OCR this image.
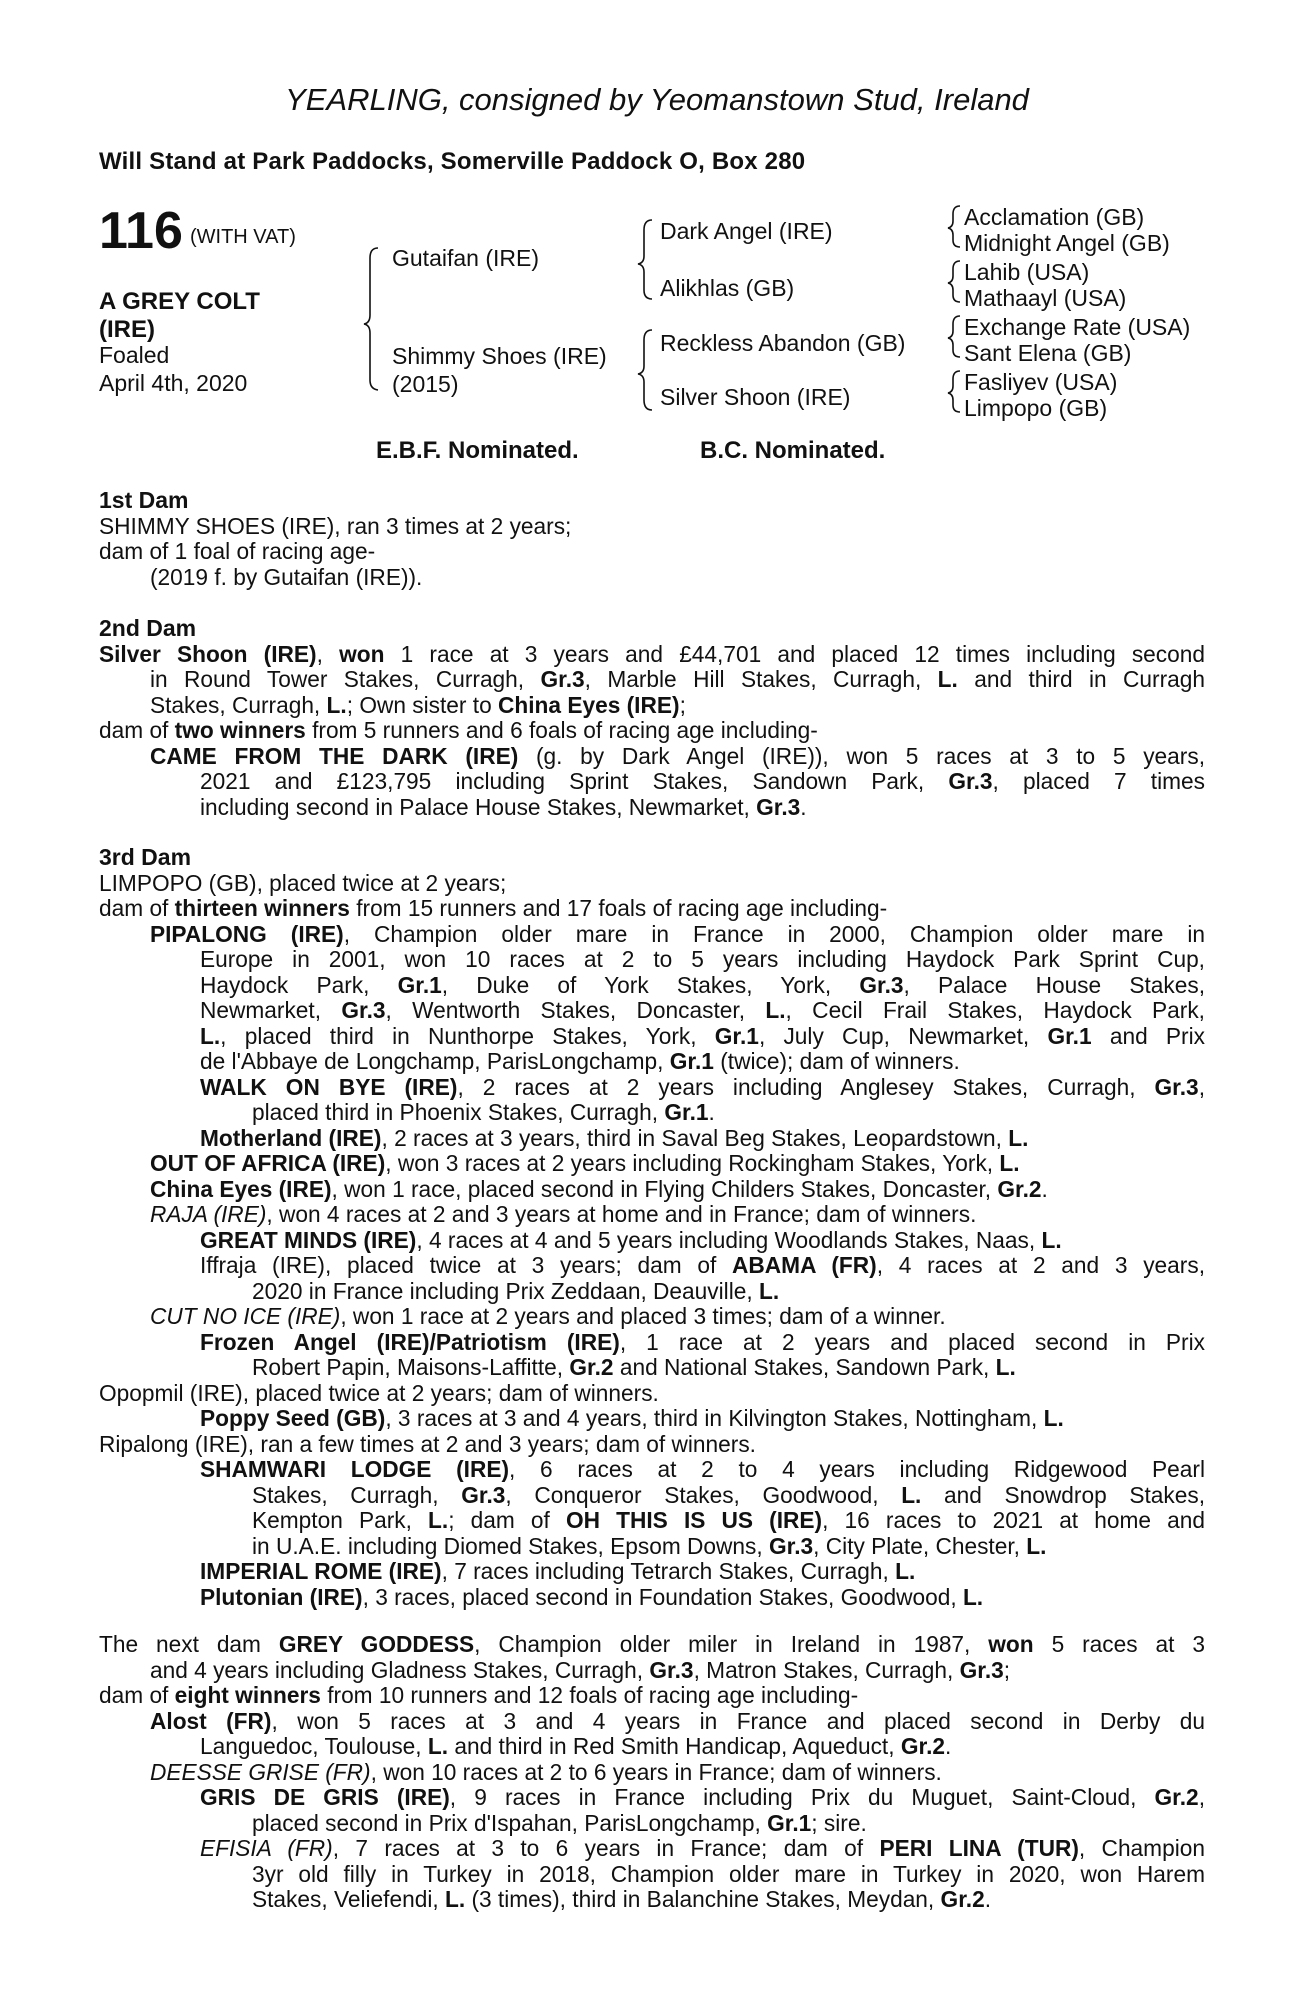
YEARLING, consigned by Yeomanstown Stud, Ireland
Will Stand at Park Paddocks, Somerville Paddock O, Box 280
116 (WITH VAT)
A GREY COLT
(IRE)
Foaled
April 4th, 2020
Gutaifan (IRE)
Shimmy Shoes (IRE)
(2015)
Dark Angel (IRE)
Alikhlas (GB)
Reckless Abandon (GB)
Silver Shoon (IRE)
Acclamation (GB)
Midnight Angel (GB)
Lahib (USA)
Mathaayl (USA)
Exchange Rate (USA)
Sant Elena (GB)
Fasliyev (USA)
Limpopo (GB)
E.B.F. Nominated.	B.C. Nominated.
1st Dam
SHIMMY SHOES (IRE), ran 3 times at 2 years;
dam of 1 foal of racing age-
(2019 f. by Gutaifan (IRE)).
2nd Dam
Silver Shoon (IRE), won 1 race at 3 years and £44,701 and placed 12 times including second
in Round Tower Stakes, Curragh, Gr.3, Marble Hill Stakes, Curragh, L. and third in Curragh
Stakes, Curragh, L.; Own sister to China Eyes (IRE);
dam of two winners from 5 runners and 6 foals of racing age including-
CAME FROM THE DARK (IRE) (g. by Dark Angel (IRE)), won 5 races at 3 to 5 years,
2021 and £123,795 including Sprint Stakes, Sandown Park, Gr.3, placed 7 times
including second in Palace House Stakes, Newmarket, Gr.3.
3rd Dam
LIMPOPO (GB), placed twice at 2 years;
dam of thirteen winners from 15 runners and 17 foals of racing age including-
PIPALONG (IRE), Champion older mare in France in 2000, Champion older mare in
Europe in 2001, won 10 races at 2 to 5 years including Haydock Park Sprint Cup,
Haydock Park, Gr.1, Duke of York Stakes, York, Gr.3, Palace House Stakes,
Newmarket, Gr.3, Wentworth Stakes, Doncaster, L., Cecil Frail Stakes, Haydock Park,
L., placed third in Nunthorpe Stakes, York, Gr.1, July Cup, Newmarket, Gr.1 and Prix
de l'Abbaye de Longchamp, ParisLongchamp, Gr.1 (twice); dam of winners.
WALK ON BYE (IRE), 2 races at 2 years including Anglesey Stakes, Curragh, Gr.3,
placed third in Phoenix Stakes, Curragh, Gr.1.
Motherland (IRE), 2 races at 3 years, third in Saval Beg Stakes, Leopardstown, L.
OUT OF AFRICA (IRE), won 3 races at 2 years including Rockingham Stakes, York, L.
China Eyes (IRE), won 1 race, placed second in Flying Childers Stakes, Doncaster, Gr.2.
RAJA (IRE), won 4 races at 2 and 3 years at home and in France; dam of winners.
GREAT MINDS (IRE), 4 races at 4 and 5 years including Woodlands Stakes, Naas, L.
Iffraja (IRE), placed twice at 3 years; dam of ABAMA (FR), 4 races at 2 and 3 years,
2020 in France including Prix Zeddaan, Deauville, L.
CUT NO ICE (IRE), won 1 race at 2 years and placed 3 times; dam of a winner.
Frozen Angel (IRE)/Patriotism (IRE), 1 race at 2 years and placed second in Prix
Robert Papin, Maisons-Laffitte, Gr.2 and National Stakes, Sandown Park, L.
Opopmil (IRE), placed twice at 2 years; dam of winners.
Poppy Seed (GB), 3 races at 3 and 4 years, third in Kilvington Stakes, Nottingham, L.
Ripalong (IRE), ran a few times at 2 and 3 years; dam of winners.
SHAMWARI LODGE (IRE), 6 races at 2 to 4 years including Ridgewood Pearl
Stakes, Curragh, Gr.3, Conqueror Stakes, Goodwood, L. and Snowdrop Stakes,
Kempton Park, L.; dam of OH THIS IS US (IRE), 16 races to 2021 at home and
in U.A.E. including Diomed Stakes, Epsom Downs, Gr.3, City Plate, Chester, L.
IMPERIAL ROME (IRE), 7 races including Tetrarch Stakes, Curragh, L.
Plutonian (IRE), 3 races, placed second in Foundation Stakes, Goodwood, L.
The next dam GREY GODDESS, Champion older miler in Ireland in 1987, won 5 races at 3
and 4 years including Gladness Stakes, Curragh, Gr.3, Matron Stakes, Curragh, Gr.3;
dam of eight winners from 10 runners and 12 foals of racing age including-
Alost (FR), won 5 races at 3 and 4 years in France and placed second in Derby du
Languedoc, Toulouse, L. and third in Red Smith Handicap, Aqueduct, Gr.2.
DEESSE GRISE (FR), won 10 races at 2 to 6 years in France; dam of winners.
GRIS DE GRIS (IRE), 9 races in France including Prix du Muguet, Saint-Cloud, Gr.2,
placed second in Prix d'Ispahan, ParisLongchamp, Gr.1; sire.
EFISIA (FR), 7 races at 3 to 6 years in France; dam of PERI LINA (TUR), Champion
3yr old filly in Turkey in 2018, Champion older mare in Turkey in 2020, won Harem
Stakes, Veliefendi, L. (3 times), third in Balanchine Stakes, Meydan, Gr.2.
